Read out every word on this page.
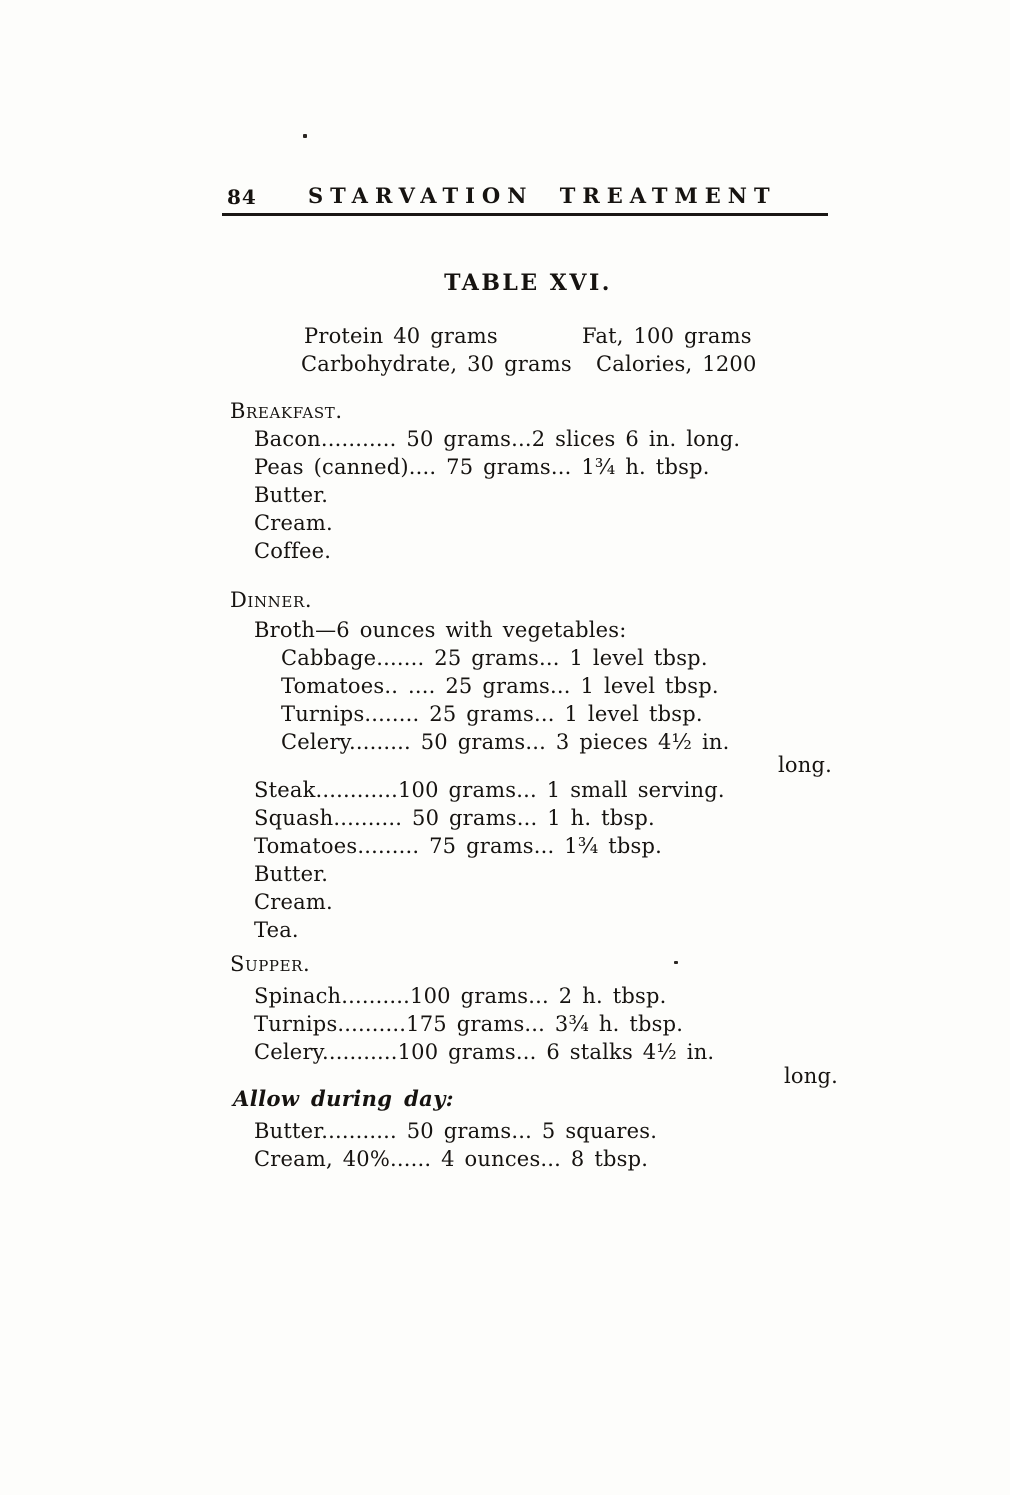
84 STARVATION TREATMENT
TABLE XVI.
Protein 40 grams	Fat, 100 grams
Carbohydrate, 30 grams Calories, 1200
Breakfast.
Bacon........... 50 grams...2 slices 6 in. long.
Peas (canned).... 75 grams... 1¾ h. tbsp.
Butter.
Cream.
Coffee.
Dinner.
Broth—6 ounces with vegetables:
Cabbage....... 25 grams... 1 level tbsp.
Tomatoes.. .... 25 grams... 1 level tbsp.
Turnips........ 25 grams... 1 level tbsp.
Celery......... 50 grams... 3 pieces 4½ in.
long.
Steak............100 grams... 1 small serving.
Squash.......... 50 grams... 1 h. tbsp.
Tomatoes......... 75 grams... 1¾ tbsp.
Butter.
Cream.
Tea.
Supper.
Spinach..........100 grams... 2 h. tbsp.
Turnips..........175 grams... 3¾ h. tbsp.
Celery...........100 grams... 6 stalks 4½ in.
long.
Allow during day:
Butter........... 50 grams... 5 squares.
Cream, 40%...... 4 ounces... 8 tbsp.
